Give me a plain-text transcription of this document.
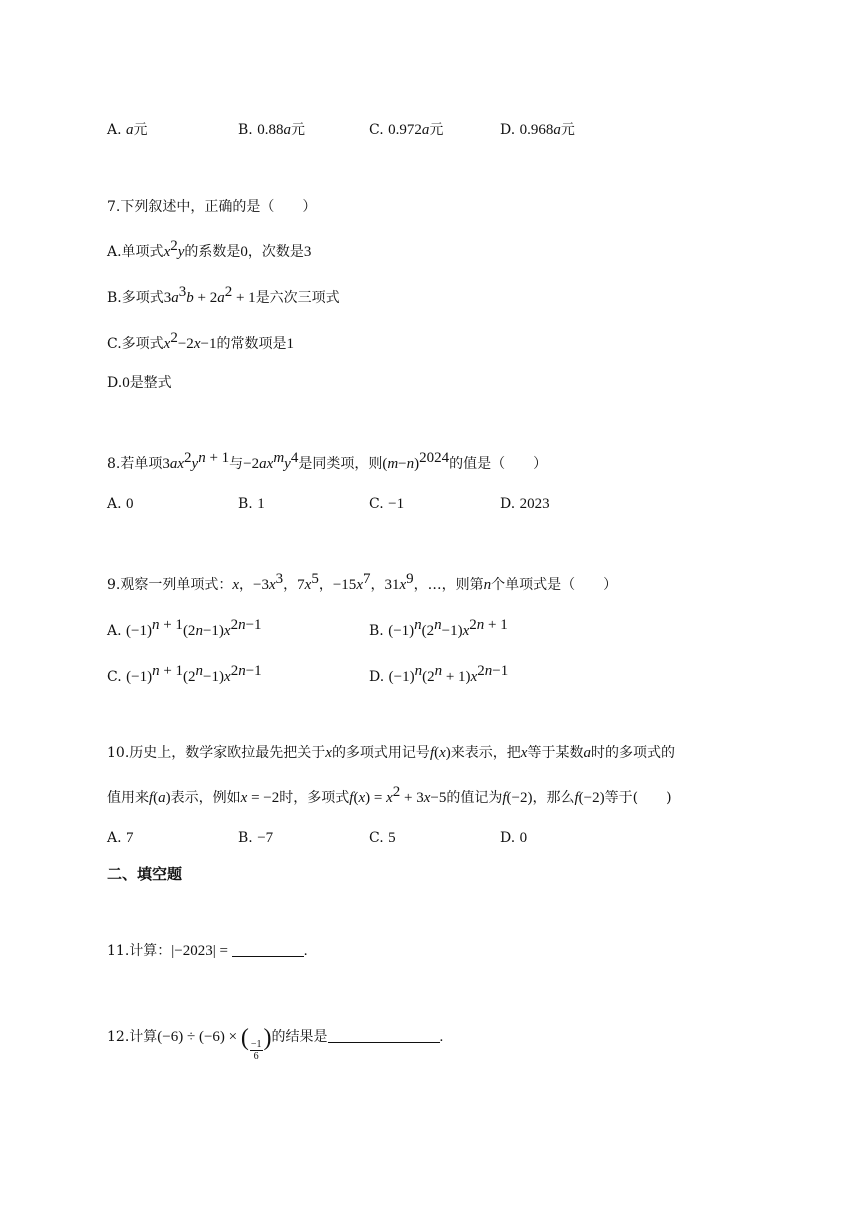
A. a元	B. 0.88a元	C. 0.972a元	D. 0.968a元
7.下列叙述中，正确的是（　　）
A.单项式$x^2y$的系数是0，次数是3
B.多项式$3a^3b + 2a^2 + 1$是六次三项式
C.多项式$x^2-2x-1$的常数项是1
D.0是整式
8.若单项$3ax^2y^{n + 1}$与$-2ax^my^4$是同类项，则$(m-n)^{2024}$的值是（　　）
A. 0	B. 1	C. −1	D. 2023
9.观察一列单项式：x，$-3x^3$，$7x^5$，$-15x^7$，$31x^9$，…，则第n个单项式是（　　）
A. $(-1)^{n + 1}(2n-1)x^{2n-1}$	B. $(-1)^n(2^n-1)x^{2n + 1}$
C. $(-1)^{n + 1}(2^n-1)x^{2n-1}$	D. $(-1)^n(2^n + 1)x^{2n-1}$
10.历史上，数学家欧拉最先把关于x的多项式用记号f(x)来表示，把x等于某数a时的多项式的
值用来f(a)表示，例如x = −2时，多项式$f(x) = x^2 + 3x-5$的值记为f(−2)，那么f(−2)等于(　　)
A. 7	B. −7	C. 5	D. 0
二、填空题
11.计算：|−2023| =	.
12.计算(−6) ÷ (−6) × ( $\frac{-1}{6}$ )的结果是	.
